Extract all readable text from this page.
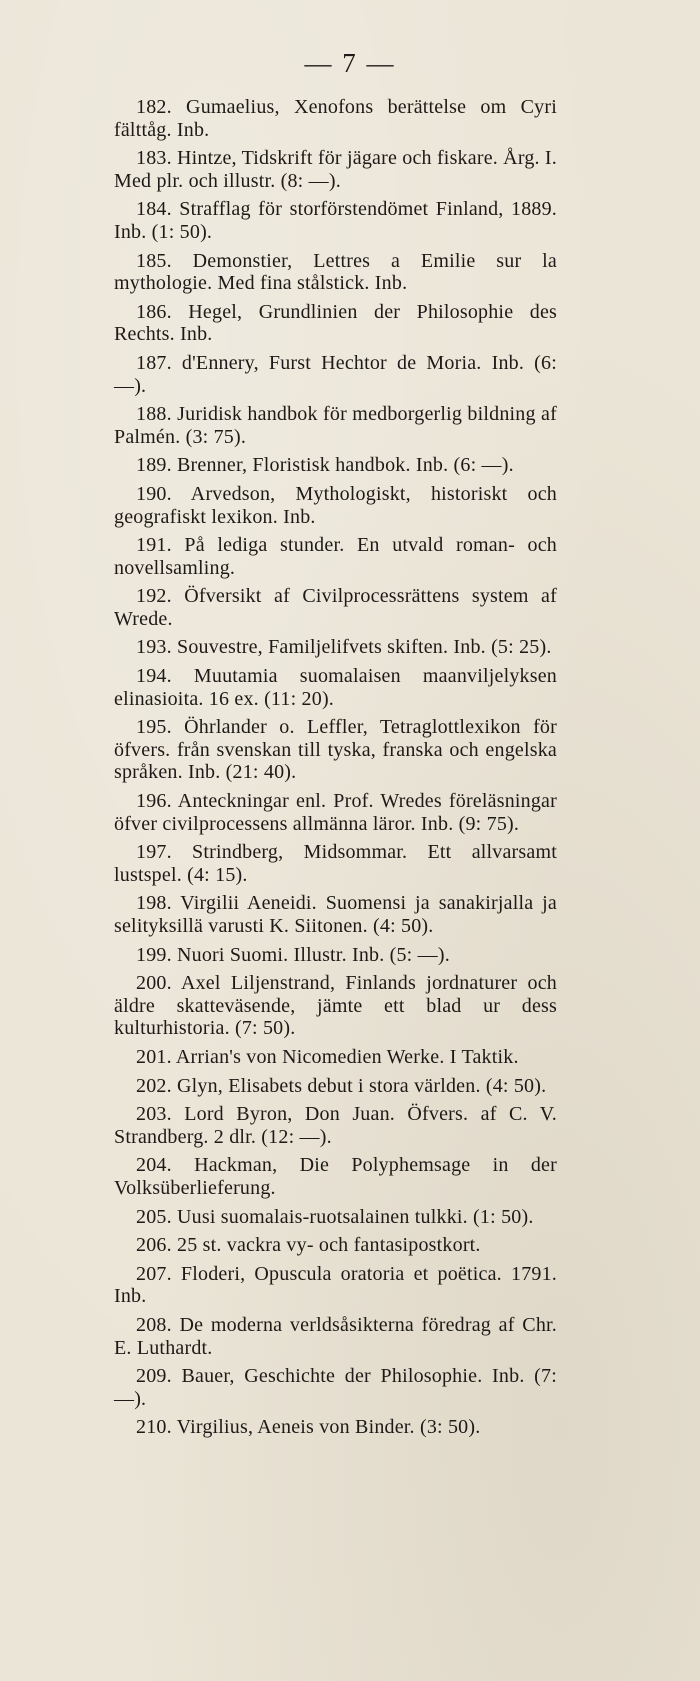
— 7 —

182. Gumaelius, Xenofons berättelse om Cyri fälttåg. Inb.

183. Hintze, Tidskrift för jägare och fiskare. Årg. I. Med plr. och illustr. (8: —).

184. Strafflag för storförstendömet Finland, 1889. Inb. (1: 50).

185. Demonstier, Lettres a Emilie sur la mythologie. Med fina stålstick. Inb.

186. Hegel, Grundlinien der Philosophie des Rechts. Inb.

187. d'Ennery, Furst Hechtor de Moria. Inb. (6: —).

188. Juridisk handbok för medborgerlig bildning af Palmén. (3: 75).

189. Brenner, Floristisk handbok. Inb. (6: —).

190. Arvedson, Mythologiskt, historiskt och geografiskt lexikon. Inb.

191. På lediga stunder. En utvald roman- och novellsamling.

192. Öfversikt af Civilprocessrättens system af Wrede.

193. Souvestre, Familjelifvets skiften. Inb. (5: 25).

194. Muutamia suomalaisen maanviljelyksen elinasioita. 16 ex. (11: 20).

195. Öhrlander o. Leffler, Tetraglottlexikon för öfvers. från svenskan till tyska, franska och engelska språken. Inb. (21: 40).

196. Anteckningar enl. Prof. Wredes föreläsningar öfver civilprocessens allmänna läror. Inb. (9: 75).

197. Strindberg, Midsommar. Ett allvarsamt lustspel. (4: 15).

198. Virgilii Aeneidi. Suomensi ja sanakirjalla ja selityksillä varusti K. Siitonen. (4: 50).

199. Nuori Suomi. Illustr. Inb. (5: —).

200. Axel Liljenstrand, Finlands jordnaturer och äldre skatteväsende, jämte ett blad ur dess kulturhistoria. (7: 50).

201. Arrian's von Nicomedien Werke. I Taktik.

202. Glyn, Elisabets debut i stora världen. (4: 50).

203. Lord Byron, Don Juan. Öfvers. af C. V. Strandberg. 2 dlr. (12: —).

204. Hackman, Die Polyphemsage in der Volksüberlieferung.

205. Uusi suomalais-ruotsalainen tulkki. (1: 50).

206. 25 st. vackra vy- och fantasipostkort.

207. Floderi, Opuscula oratoria et poëtica. 1791. Inb.

208. De moderna verldsåsikterna föredrag af Chr. E. Luthardt.

209. Bauer, Geschichte der Philosophie. Inb. (7: —).

210. Virgilius, Aeneis von Binder. (3: 50).
